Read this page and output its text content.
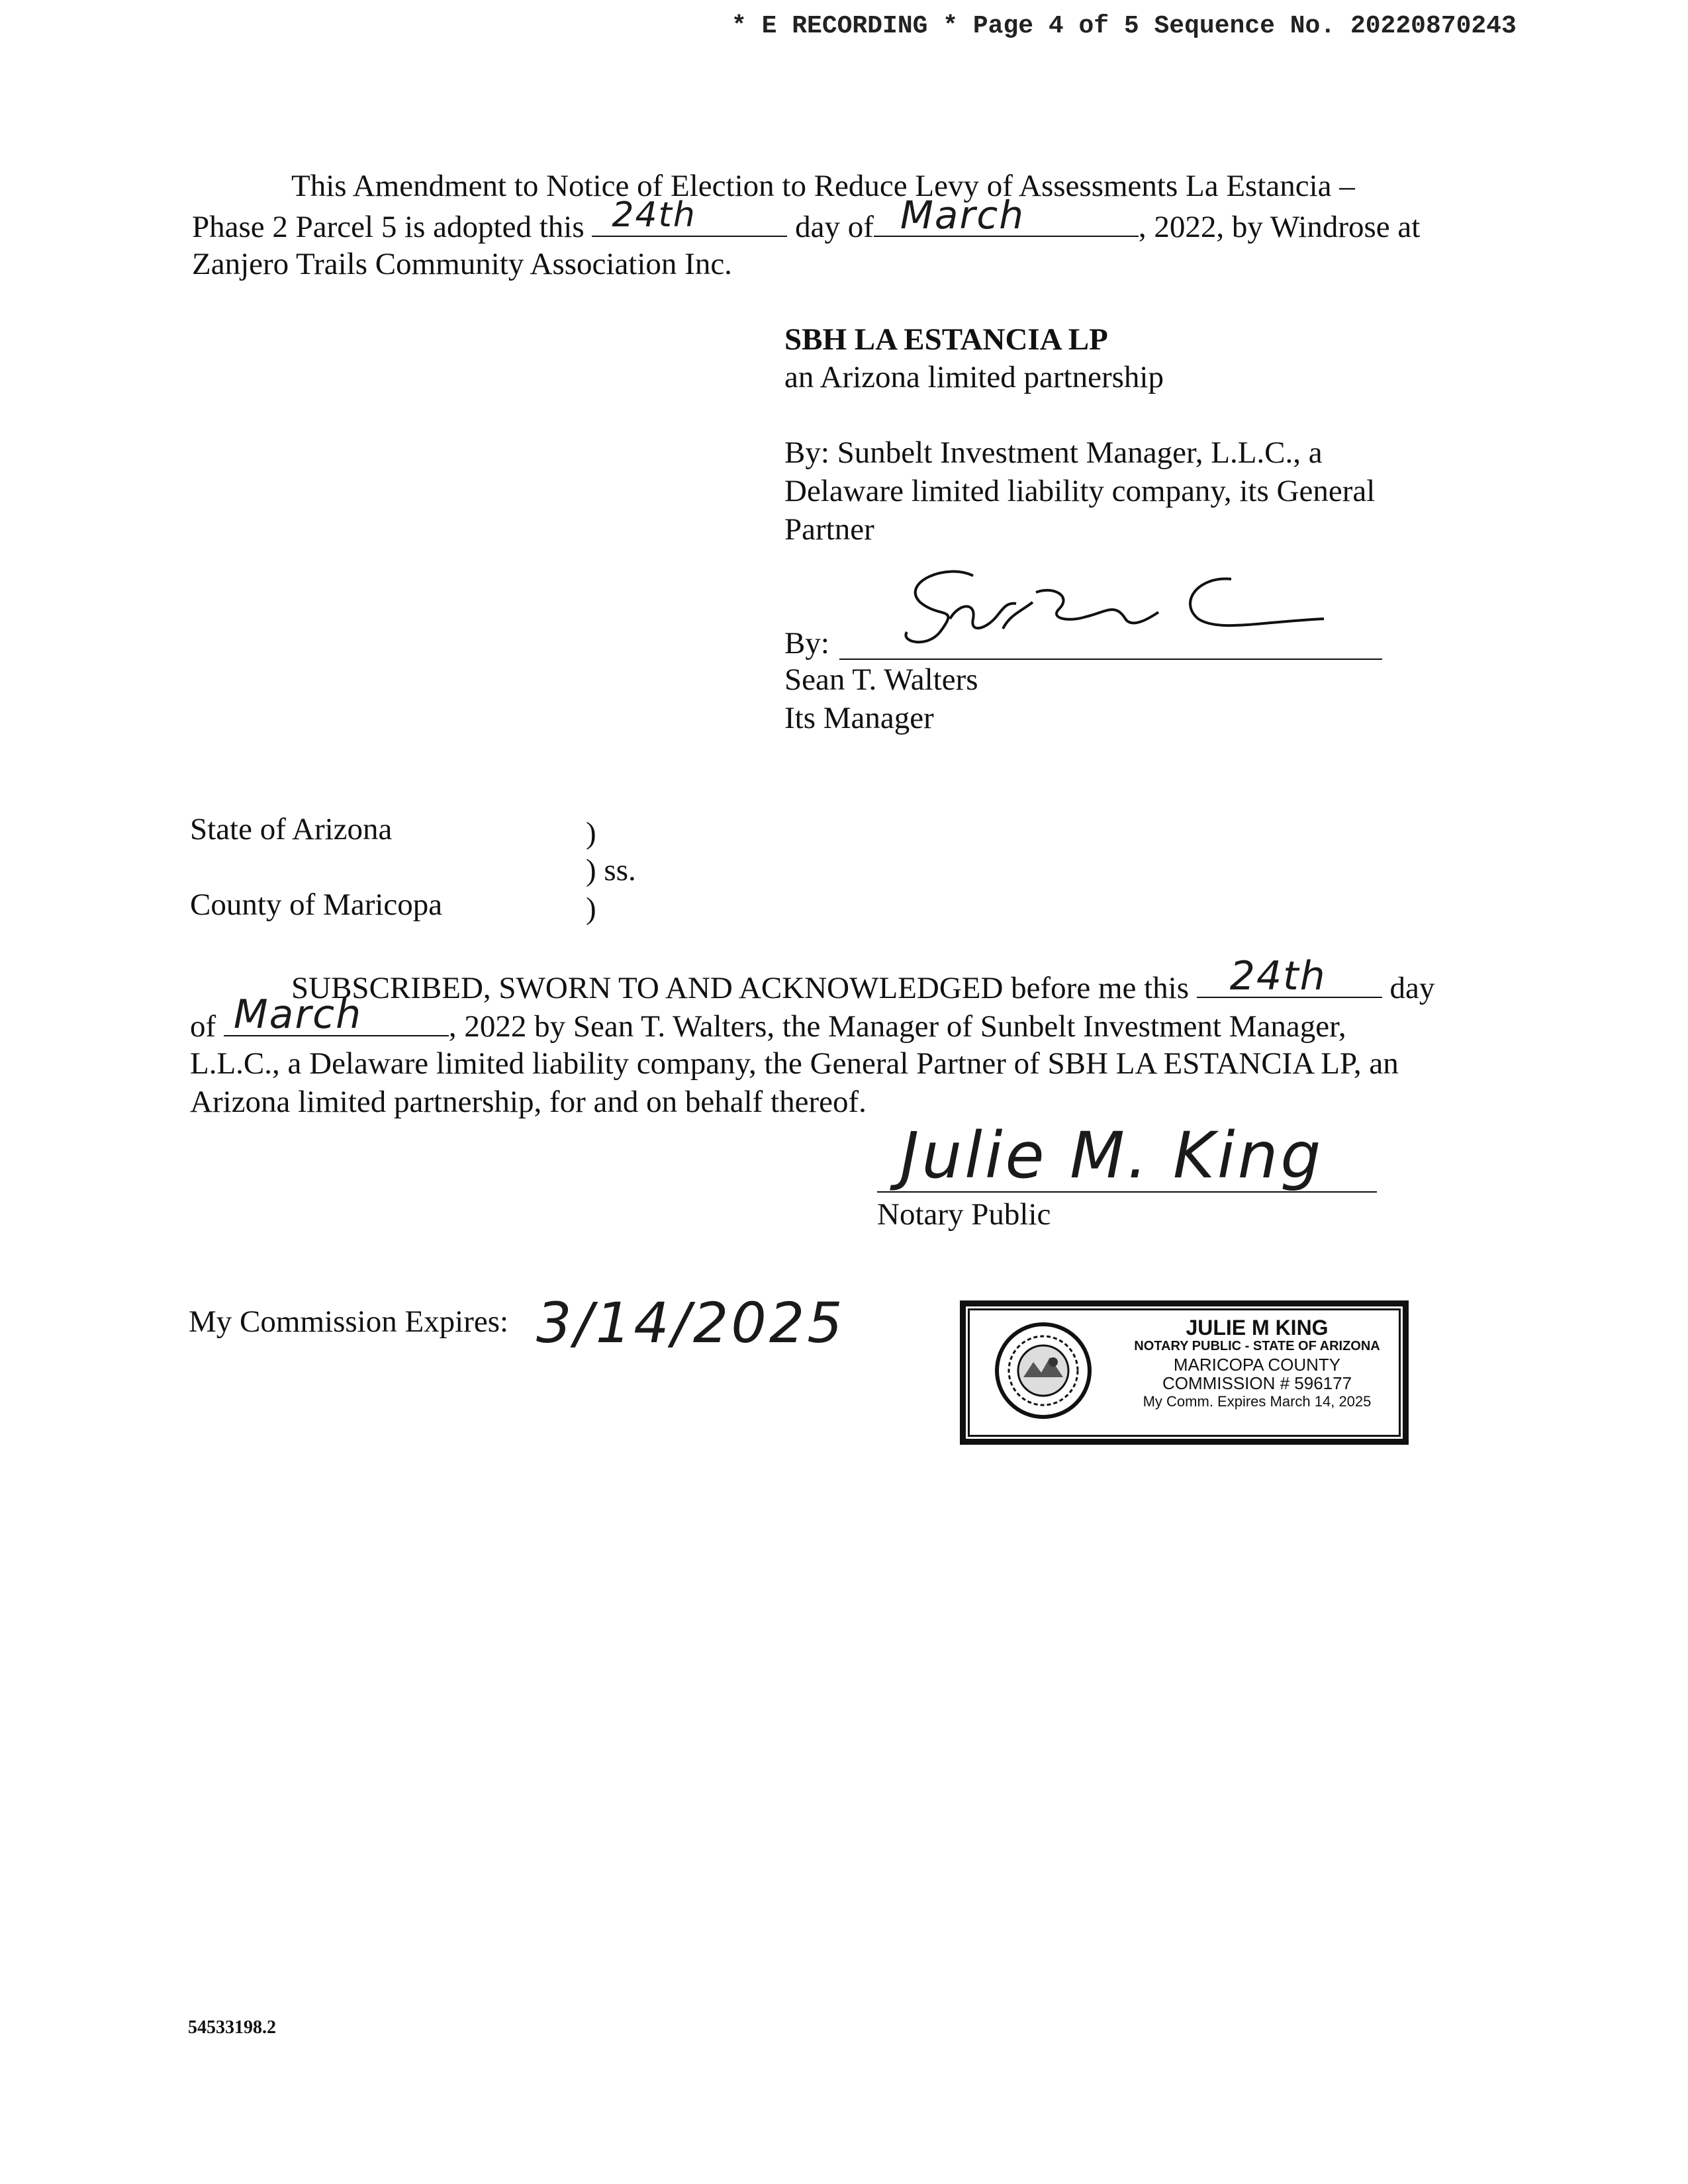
* E RECORDING * Page 4 of 5 Sequence No. 20220870243
This Amendment to Notice of Election to Reduce Levy of Assessments La Estancia –
Phase 2 Parcel 5 is adopted this 24th	day of March	, 2022, by Windrose at
Zanjero Trails Community Association Inc.
SBH LA ESTANCIA LP
an Arizona limited partnership
By: Sunbelt Investment Manager, L.L.C., a
Delaware limited liability company, its General
Partner
By:
Sean T. Walters
Its Manager
State of Arizona	)
) ss.
County of Maricopa	)
SUBSCRIBED, SWORN TO AND ACKNOWLEDGED before me this 24th day
of March	, 2022 by Sean T. Walters, the Manager of Sunbelt Investment Manager,
L.L.C., a Delaware limited liability company, the General Partner of SBH LA ESTANCIA LP, an
Arizona limited partnership, for and on behalf thereof.
Julie M. King
Notary Public
My Commission Expires: 3/14/2025	JULIE M KING
NOTARY PUBLIC - STATE OF ARIZONA
MARICOPA COUNTY
COMMISSION # 596177
My Comm. Expires March 14, 2025
54533198.2
